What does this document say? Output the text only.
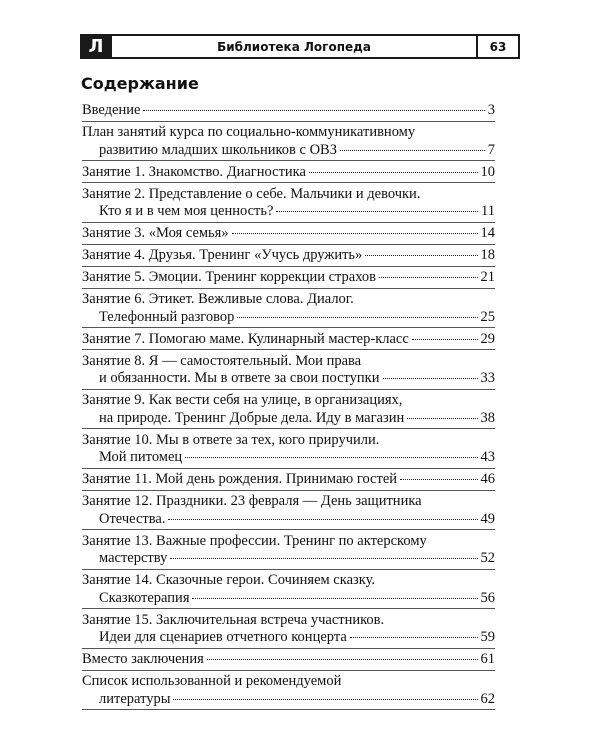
Л	Библиотека Логопеда	63
Содержание
Введение	3
План занятий курса по социально-коммуникативному
развитию младших школьников с ОВЗ	7
Занятие 1. Знакомство. Диагностика	10
Занятие 2. Представление о себе. Мальчики и девочки.
Кто я и в чем моя ценность?	11
Занятие 3. «Моя семья»	14
Занятие 4. Друзья. Тренинг «Учусь дружить»	18
Занятие 5. Эмоции. Тренинг коррекции страхов	21
Занятие 6. Этикет. Вежливые слова. Диалог.
Телефонный разговор	25
Занятие 7. Помогаю маме. Кулинарный мастер-класс	29
Занятие 8. Я — самостоятельный. Мои права
и обязанности. Мы в ответе за свои поступки	33
Занятие 9. Как вести себя на улице, в организациях,
на природе. Тренинг Добрые дела. Иду в магазин	38
Занятие 10. Мы в ответе за тех, кого приручили.
Мой питомец	43
Занятие 11. Мой день рождения. Принимаю гостей	46
Занятие 12. Праздники. 23 февраля — День защитника
Отечества.	49
Занятие 13. Важные профессии. Тренинг по актерскому
мастерству	52
Занятие 14. Сказочные герои. Сочиняем сказку.
Сказкотерапия	56
Занятие 15. Заключительная встреча участников.
Идеи для сценариев отчетного концерта	59
Вместо заключения	61
Список использованной и рекомендуемой
литературы	62
